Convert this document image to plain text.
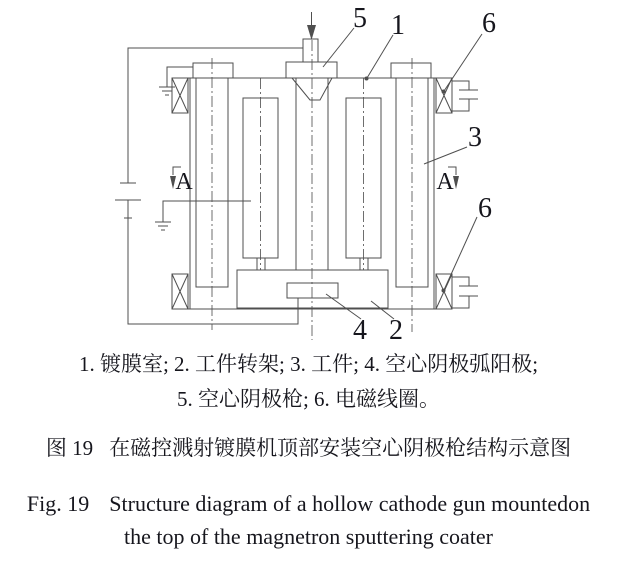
5 1	6
3
6
4 2
A	A

1. 镀膜室; 2. 工件转架; 3. 工件; 4. 空心阴极弧阳极;

5. 空心阴极枪; 6. 电磁线圈。

图 19 在磁控溅射镀膜机顶部安装空心阴极枪结构示意图

Fig. 19 Structure diagram of a hollow cathode gun mountedon

the top of the magnetron sputtering coater
